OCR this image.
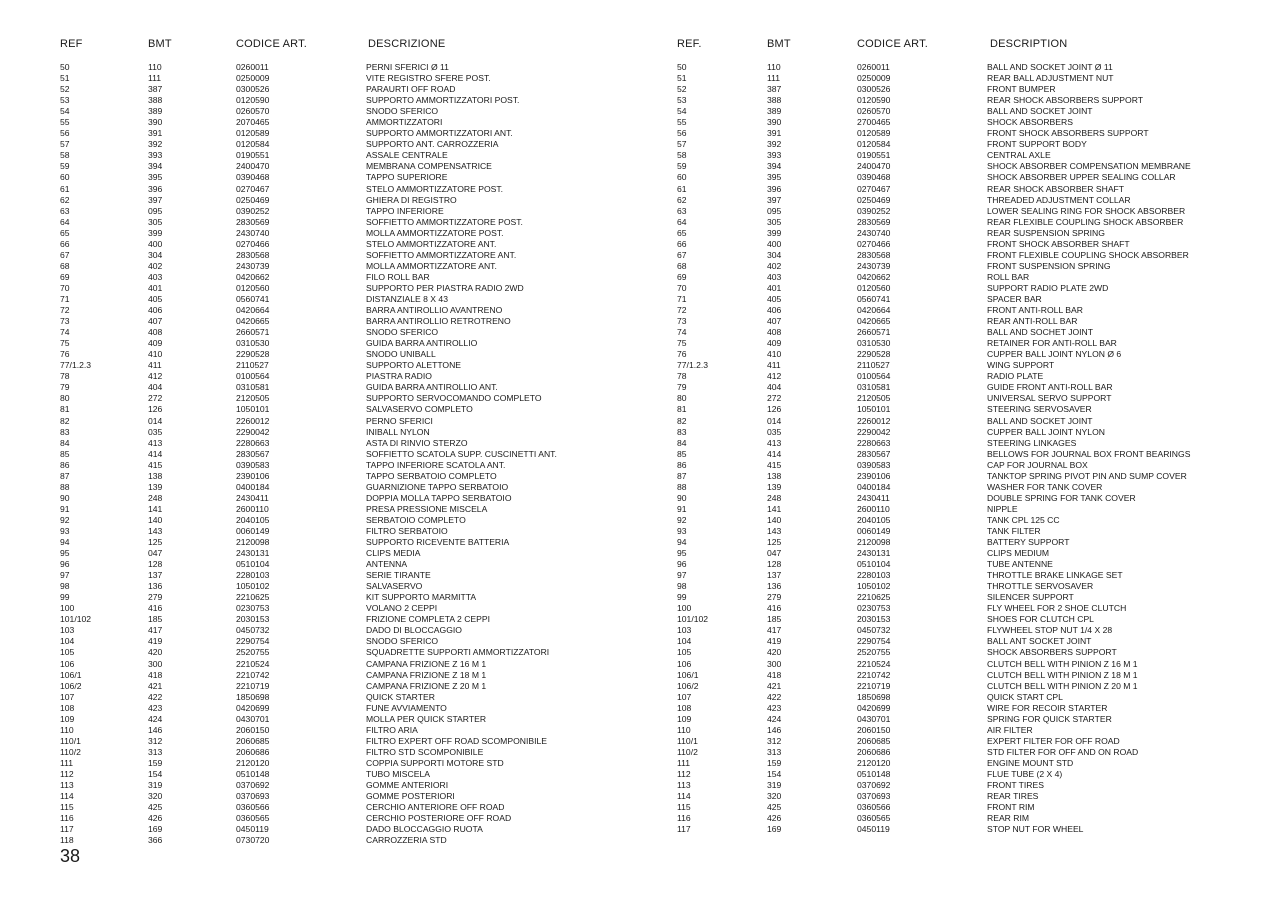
REF	BMT	CODICE ART.	DESCRIZIONE
50	110	0260011	PERNI SFERICI Ø 11
51	111	0250009	VITE REGISTRO SFERE POST.
52	387	0300526	PARAURTI OFF ROAD
53	388	0120590	SUPPORTO AMMORTIZZATORI POST.
54	389	0260570	SNODO SFERICO
55	390	2070465	AMMORTIZZATORI
56	391	0120589	SUPPORTO AMMORTIZZATORI ANT.
57	392	0120584	SUPPORTO ANT. CARROZZERIA
58	393	0190551	ASSALE CENTRALE
59	394	2400470	MEMBRANA COMPENSATRICE
60	395	0390468	TAPPO SUPERIORE
61	396	0270467	STELO AMMORTIZZATORE POST.
62	397	0250469	GHIERA DI REGISTRO
63	095	0390252	TAPPO INFERIORE
64	305	2830569	SOFFIETTO AMMORTIZZATORE POST.
65	399	2430740	MOLLA AMMORTIZZATORE POST.
66	400	0270466	STELO AMMORTIZZATORE ANT.
67	304	2830568	SOFFIETTO AMMORTIZZATORE ANT.
68	402	2430739	MOLLA AMMORTIZZATORE ANT.
69	403	0420662	FILO ROLL BAR
70	401	0120560	SUPPORTO PER PIASTRA RADIO 2WD
71	405	0560741	DISTANZIALE 8 X 43
72	406	0420664	BARRA ANTIROLLIO AVANTRENO
73	407	0420665	BARRA ANTIROLLIO RETROTRENO
74	408	2660571	SNODO SFERICO
75	409	0310530	GUIDA BARRA ANTIROLLIO
76	410	2290528	SNODO UNIBALL
77/1.2.3	411	2110527	SUPPORTO ALETTONE
78	412	0100564	PIASTRA RADIO
79	404	0310581	GUIDA BARRA ANTIROLLIO ANT.
80	272	2120505	SUPPORTO SERVOCOMANDO COMPLETO
81	126	1050101	SALVASERVO COMPLETO
82	014	2260012	PERNO SFERICI
83	035	2290042	INIBALL NYLON
84	413	2280663	ASTA DI RINVIO STERZO
85	414	2830567	SOFFIETTO SCATOLA SUPP. CUSCINETTI ANT.
86	415	0390583	TAPPO INFERIORE SCATOLA ANT.
87	138	2390106	TAPPO SERBATOIO COMPLETO
88	139	0400184	GUARNIZIONE TAPPO SERBATOIO
90	248	2430411	DOPPIA MOLLA TAPPO SERBATOIO
91	141	2600110	PRESA PRESSIONE MISCELA
92	140	2040105	SERBATOIO COMPLETO
93	143	0060149	FILTRO SERBATOIO
94	125	2120098	SUPPORTO RICEVENTE BATTERIA
95	047	2430131	CLIPS MEDIA
96	128	0510104	ANTENNA
97	137	2280103	SERIE TIRANTE
98	136	1050102	SALVASERVO
99	279	2210625	KIT SUPPORTO MARMITTA
100	416	0230753	VOLANO 2 CEPPI
101/102	185	2030153	FRIZIONE COMPLETA 2 CEPPI
103	417	0450732	DADO DI BLOCCAGGIO
104	419	2290754	SNODO SFERICO
105	420	2520755	SQUADRETTE SUPPORTI AMMORTIZZATORI
106	300	2210524	CAMPANA FRIZIONE Z 16 M 1
106/1	418	2210742	CAMPANA FRIZIONE Z 18 M 1
106/2	421	2210719	CAMPANA FRIZIONE Z 20 M 1
107	422	1850698	QUICK STARTER
108	423	0420699	FUNE AVVIAMENTO
109	424	0430701	MOLLA PER QUICK STARTER
110	146	2060150	FILTRO ARIA
110/1	312	2060685	FILTRO EXPERT OFF ROAD SCOMPONIBILE
110/2	313	2060686	FILTRO STD SCOMPONIBILE
111	159	2120120	COPPIA SUPPORTI MOTORE STD
112	154	0510148	TUBO MISCELA
113	319	0370692	GOMME ANTERIORI
114	320	0370693	GOMME POSTERIORI
115	425	0360566	CERCHIO ANTERIORE OFF ROAD
116	426	0360565	CERCHIO POSTERIORE OFF ROAD
117	169	0450119	DADO BLOCCAGGIO RUOTA
118	366	0730720	CARROZZERIA STD
REF.	BMT	CODICE ART.	DESCRIPTION
50	110	0260011	BALL AND SOCKET JOINT Ø 11
51	111	0250009	REAR BALL ADJUSTMENT NUT
52	387	0300526	FRONT BUMPER
53	388	0120590	REAR SHOCK ABSORBERS SUPPORT
54	389	0260570	BALL AND SOCKET JOINT
55	390	2700465	SHOCK ABSORBERS
56	391	0120589	FRONT SHOCK ABSORBERS SUPPORT
57	392	0120584	FRONT SUPPORT BODY
58	393	0190551	CENTRAL AXLE
59	394	2400470	SHOCK ABSORBER COMPENSATION MEMBRANE
60	395	0390468	SHOCK ABSORBER UPPER SEALING COLLAR
61	396	0270467	REAR SHOCK ABSORBER SHAFT
62	397	0250469	THREADED ADJUSTMENT COLLAR
63	095	0390252	LOWER SEALING RING FOR SHOCK ABSORBER
64	305	2830569	REAR FLEXIBLE COUPLING SHOCK ABSORBER
65	399	2430740	REAR SUSPENSION SPRING
66	400	0270466	FRONT SHOCK ABSORBER SHAFT
67	304	2830568	FRONT FLEXIBLE COUPLING SHOCK ABSORBER
68	402	2430739	FRONT SUSPENSION SPRING
69	403	0420662	ROLL BAR
70	401	0120560	SUPPORT RADIO PLATE 2WD
71	405	0560741	SPACER BAR
72	406	0420664	FRONT ANTI-ROLL BAR
73	407	0420665	REAR ANTI-ROLL BAR
74	408	2660571	BALL AND SOCHET JOINT
75	409	0310530	RETAINER FOR ANTI-ROLL BAR
76	410	2290528	CUPPER BALL JOINT NYLON Ø 6
77/1.2.3	411	2110527	WING SUPPORT
78	412	0100564	RADIO PLATE
79	404	0310581	GUIDE FRONT ANTI-ROLL BAR
80	272	2120505	UNIVERSAL SERVO SUPPORT
81	126	1050101	STEERING SERVOSAVER
82	014	2260012	BALL AND SOCKET JOINT
83	035	2290042	CUPPER BALL JOINT NYLON
84	413	2280663	STEERING LINKAGES
85	414	2830567	BELLOWS FOR JOURNAL BOX FRONT BEARINGS
86	415	0390583	CAP FOR JOURNAL BOX
87	138	2390106	TANKTOP SPRING PIVOT PIN AND SUMP COVER
88	139	0400184	WASHER FOR TANK COVER
90	248	2430411	DOUBLE SPRING FOR TANK COVER
91	141	2600110	NIPPLE
92	140	2040105	TANK CPL 125 CC
93	143	0060149	TANK FILTER
94	125	2120098	BATTERY SUPPORT
95	047	2430131	CLIPS MEDIUM
96	128	0510104	TUBE ANTENNE
97	137	2280103	THROTTLE BRAKE LINKAGE SET
98	136	1050102	THROTTLE SERVOSAVER
99	279	2210625	SILENCER SUPPORT
100	416	0230753	FLY WHEEL FOR 2 SHOE CLUTCH
101/102	185	2030153	SHOES FOR CLUTCH CPL
103	417	0450732	FLYWHEEL STOP NUT 1/4 X 28
104	419	2290754	BALL ANT SOCKET JOINT
105	420	2520755	SHOCK ABSORBERS SUPPORT
106	300	2210524	CLUTCH BELL WITH PINION Z 16 M 1
106/1	418	2210742	CLUTCH BELL WITH PINION Z 18 M 1
106/2	421	2210719	CLUTCH BELL WITH PINION Z 20 M 1
107	422	1850698	QUICK START CPL
108	423	0420699	WIRE FOR RECOIR STARTER
109	424	0430701	SPRING FOR QUICK STARTER
110	146	2060150	AIR FILTER
110/1	312	2060685	EXPERT FILTER FOR OFF ROAD
110/2	313	2060686	STD FILTER FOR OFF AND ON ROAD
111	159	2120120	ENGINE MOUNT STD
112	154	0510148	FLUE TUBE (2 X 4)
113	319	0370692	FRONT TIRES
114	320	0370693	REAR TIRES
115	425	0360566	FRONT RIM
116	426	0360565	REAR RIM
117	169	0450119	STOP NUT FOR WHEEL
38
